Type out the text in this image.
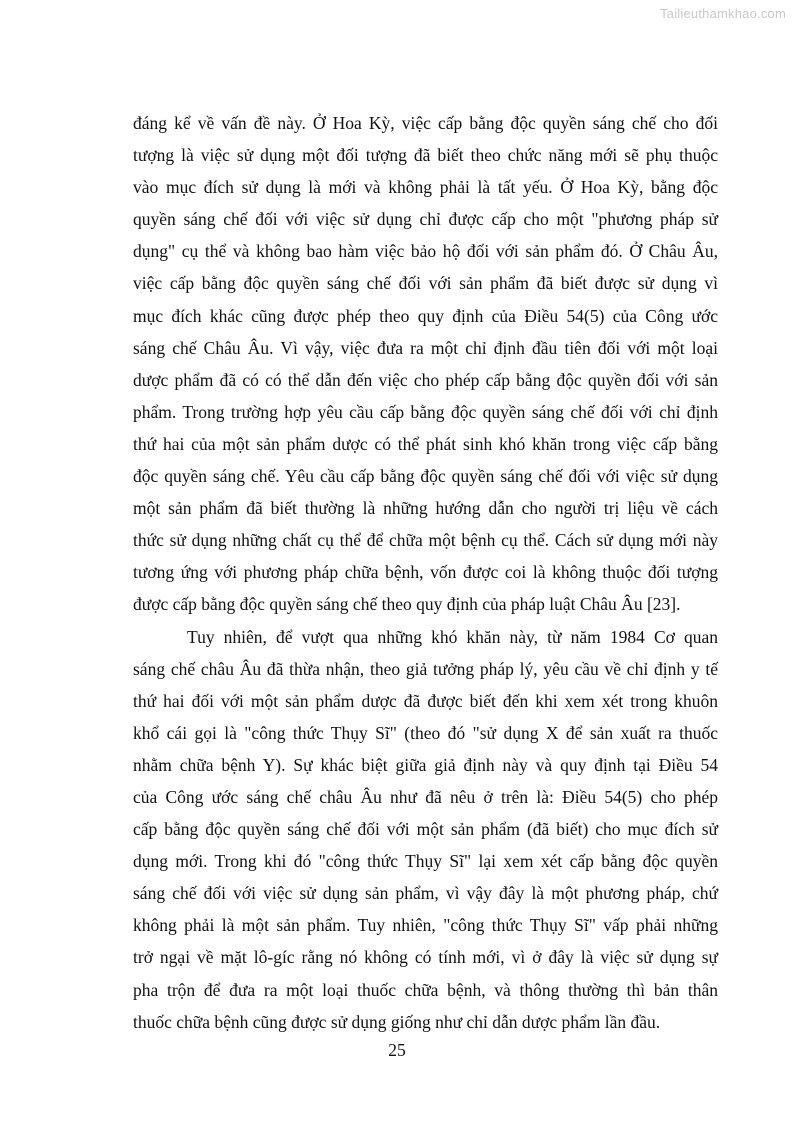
Tailieuthamkhao.com

đáng kể về vấn đề này. Ở Hoa Kỳ, việc cấp bằng độc quyền sáng chế cho đối
tượng là việc sử dụng một đối tượng đã biết theo chức năng mới sẽ phụ thuộc
vào mục đích sử dụng là mới và không phải là tất yếu. Ở Hoa Kỳ, bằng độc
quyền sáng chế đối với việc sử dụng chỉ được cấp cho một "phương pháp sử
dụng" cụ thể và không bao hàm việc bảo hộ đối với sản phẩm đó. Ở Châu Âu,
việc cấp bằng độc quyền sáng chế đối với sản phẩm đã biết được sử dụng vì
mục đích khác cũng được phép theo quy định của Điều 54(5) của Công ước
sáng chế Châu Âu. Vì vậy, việc đưa ra một chỉ định đầu tiên đối với một loại
dược phẩm đã có có thể dẫn đến việc cho phép cấp bằng độc quyền đối với sản
phẩm. Trong trường hợp yêu cầu cấp bằng độc quyền sáng chế đối với chỉ định
thứ hai của một sản phẩm dược có thể phát sinh khó khăn trong việc cấp bằng
độc quyền sáng chế. Yêu cầu cấp bằng độc quyền sáng chế đối với việc sử dụng
một sản phẩm đã biết thường là những hướng dẫn cho người trị liệu về cách
thức sử dụng những chất cụ thể để chữa một bệnh cụ thể. Cách sử dụng mới này
tương ứng với phương pháp chữa bệnh, vốn được coi là không thuộc đối tượng
được cấp bằng độc quyền sáng chế theo quy định của pháp luật Châu Âu [23].

Tuy nhiên, để vượt qua những khó khăn này, từ năm 1984 Cơ quan
sáng chế châu Âu đã thừa nhận, theo giả tưởng pháp lý, yêu cầu về chỉ định y tế
thứ hai đối với một sản phẩm dược đã được biết đến khi xem xét trong khuôn
khổ cái gọi là "công thức Thụy Sĩ" (theo đó "sử dụng X để sản xuất ra thuốc
nhằm chữa bệnh Y). Sự khác biệt giữa giả định này và quy định tại Điều 54
của Công ước sáng chế châu Âu như đã nêu ở trên là: Điều 54(5) cho phép
cấp bằng độc quyền sáng chế đối với một sản phẩm (đã biết) cho mục đích sử
dụng mới. Trong khi đó "công thức Thụy Sĩ" lại xem xét cấp bằng độc quyền
sáng chế đối với việc sử dụng sản phẩm, vì vậy đây là một phương pháp, chứ
không phải là một sản phẩm. Tuy nhiên, "công thức Thụy Sĩ" vấp phải những
trở ngại về mặt lô-gíc rằng nó không có tính mới, vì ở đây là việc sử dụng sự
pha trộn để đưa ra một loại thuốc chữa bệnh, và thông thường thì bản thân
thuốc chữa bệnh cũng được sử dụng giống như chỉ dẫn dược phẩm lần đầu.

25
